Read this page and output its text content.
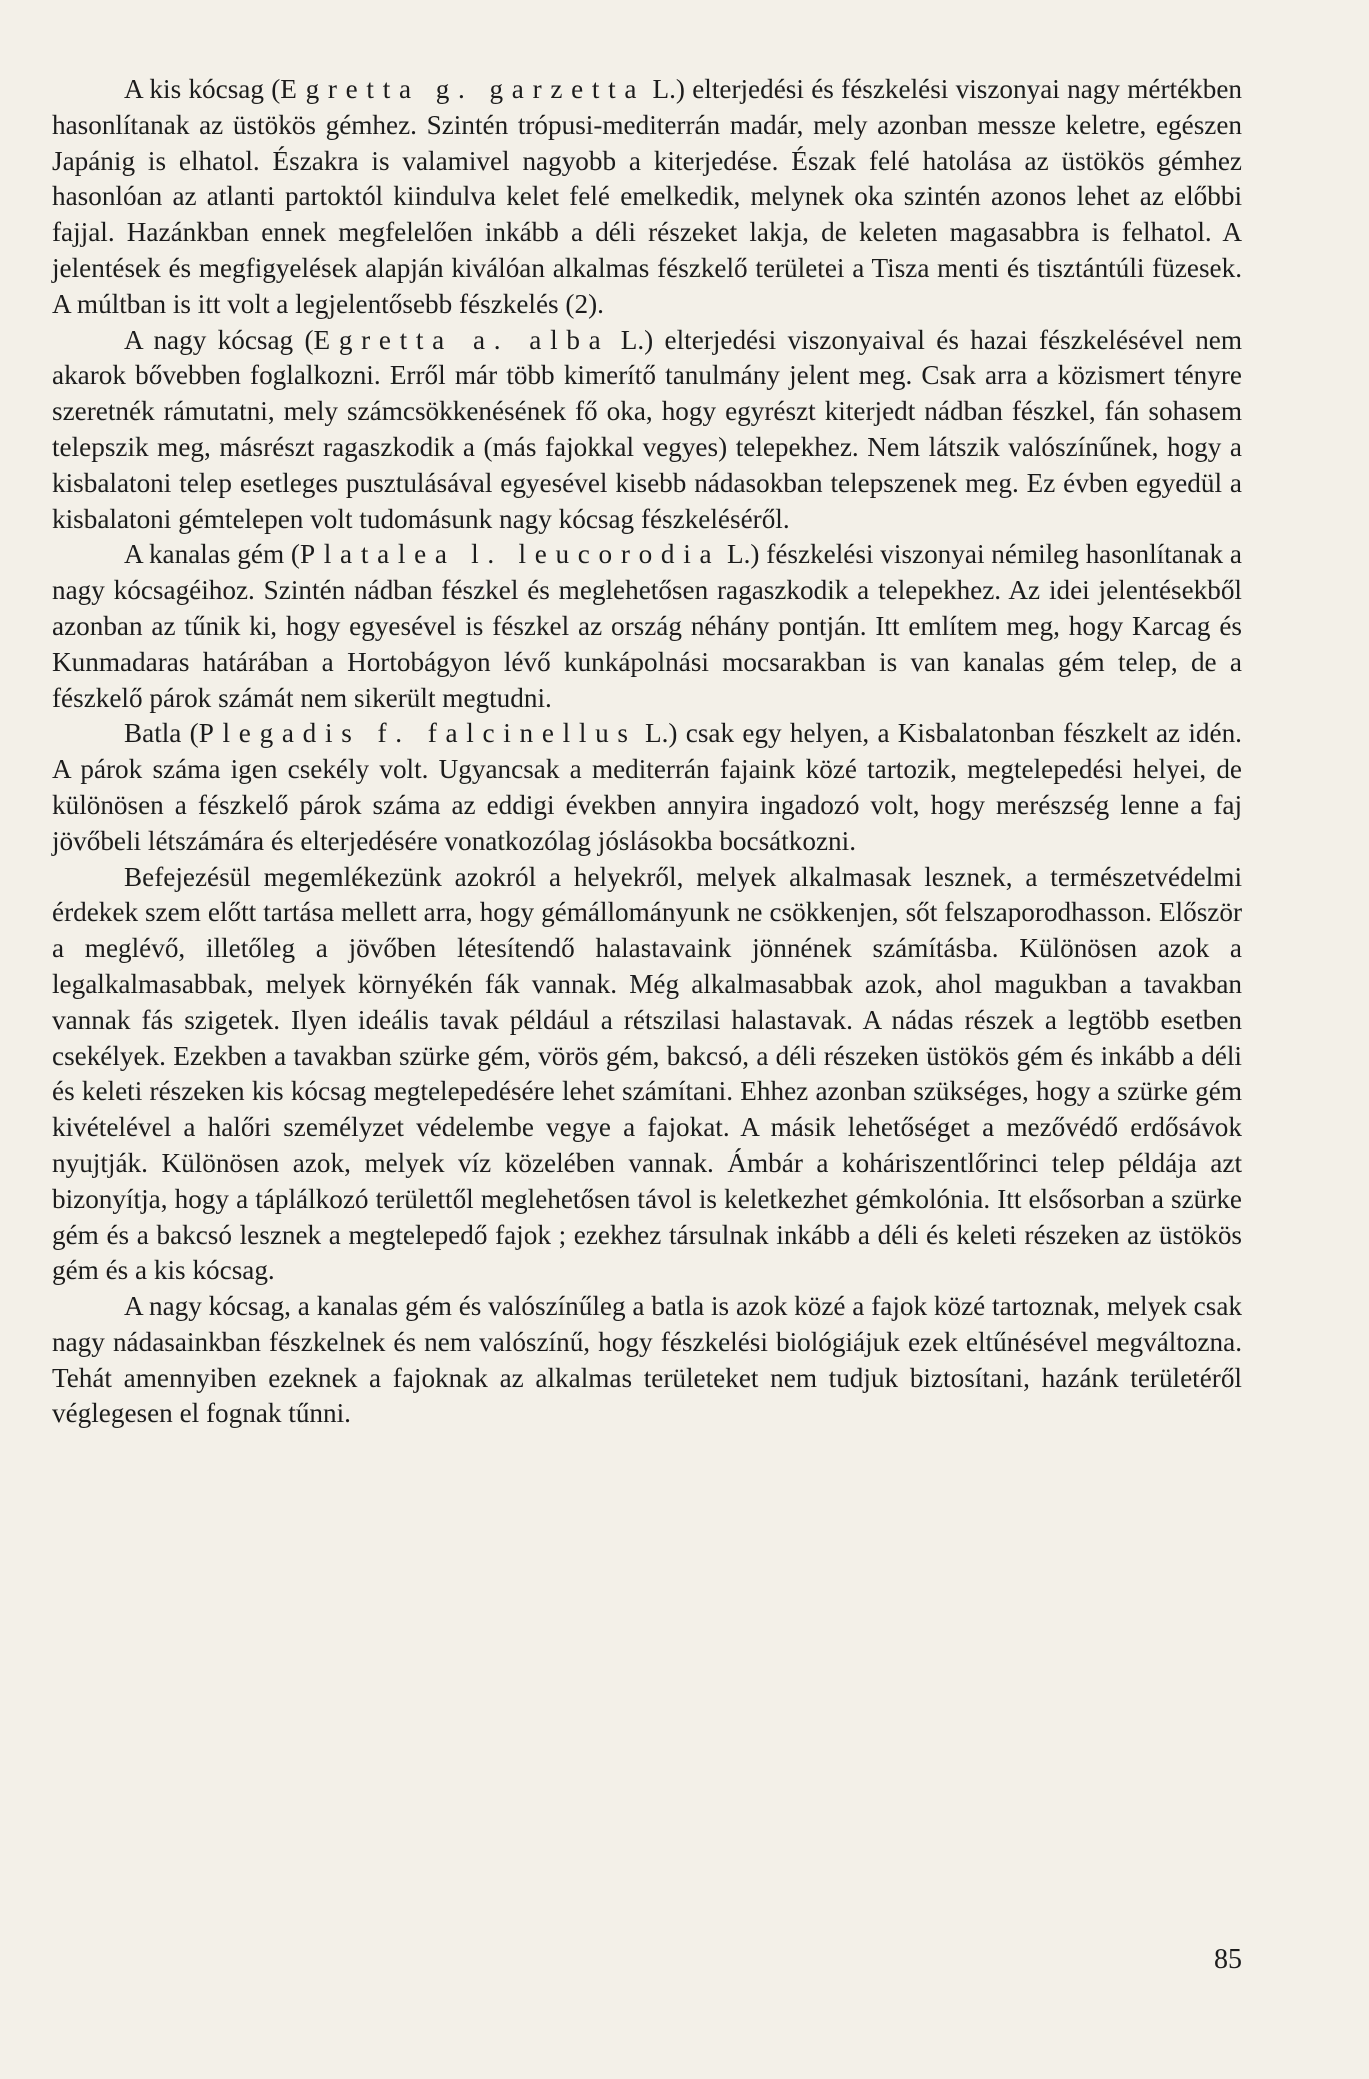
A kis kócsag (Egretta g. garzetta L.) elterjedési és fészkelési viszonyai nagy mértékben hasonlítanak az üstökös gémhez. Szintén trópusi-mediterrán madár, mely azonban messze keletre, egészen Japánig is elhatol. Északra is valamivel nagyobb a kiterjedése. Észak felé hatolása az üstökös gémhez hasonlóan az atlanti partoktól kiindulva kelet felé emelkedik, melynek oka szintén azonos lehet az előbbi fajjal. Hazánkban ennek megfelelően inkább a déli részeket lakja, de keleten magasabbra is felhatol. A jelentések és megfigyelések alapján kiválóan alkalmas fészkelő területei a Tisza menti és tisztántúli füzesek. A múltban is itt volt a legjelentősebb fészkelés (2).

A nagy kócsag (Egretta a. alba L.) elterjedési viszonyaival és hazai fészkelésével nem akarok bővebben foglalkozni. Erről már több kimerítő tanulmány jelent meg. Csak arra a közismert tényre szeretnék rámutatni, mely számcsökkenésének fő oka, hogy egyrészt kiterjedt nádban fészkel, fán sohasem telepszik meg, másrészt ragaszkodik a (más fajokkal vegyes) telepekhez. Nem látszik valószínűnek, hogy a kisbalatoni telep esetleges pusztulásával egyesével kisebb nádasokban telepszenek meg. Ez évben egyedül a kisbalatoni gémtelepen volt tudomásunk nagy kócsag fészkeléséről.

A kanalas gém (Platalea l. leucorodia L.) fészkelési viszonyai némileg hasonlítanak a nagy kócsagéihoz. Szintén nádban fészkel és meglehetősen ragaszkodik a telepekhez. Az idei jelentésekből azonban az tűnik ki, hogy egyesével is fészkel az ország néhány pontján. Itt említem meg, hogy Karcag és Kunmadaras határában a Hortobágyon lévő kunkápolnási mocsarakban is van kanalas gém telep, de a fészkelő párok számát nem sikerült megtudni.

Batla (Plegadis f. falcinellus L.) csak egy helyen, a Kisbalatonban fészkelt az idén. A párok száma igen csekély volt. Ugyancsak a mediterrán fajaink közé tartozik, megtelepedési helyei, de különösen a fészkelő párok száma az eddigi években annyira ingadozó volt, hogy merészség lenne a faj jövőbeli létszámára és elterjedésére vonatkozólag jóslásokba bocsátkozni.

Befejezésül megemlékezünk azokról a helyekről, melyek alkalmasak lesznek, a természetvédelmi érdekek szem előtt tartása mellett arra, hogy gémállományunk ne csökkenjen, sőt felszaporodhasson. Először a meglévő, illetőleg a jövőben létesítendő halastavaink jönnének számításba. Különösen azok a legalkalmasabbak, melyek környékén fák vannak. Még alkalmasabbak azok, ahol magukban a tavakban vannak fás szigetek. Ilyen ideális tavak például a rétszilasi halastavak. A nádas részek a legtöbb esetben csekélyek. Ezekben a tavakban szürke gém, vörös gém, bakcsó, a déli részeken üstökös gém és inkább a déli és keleti részeken kis kócsag megtelepedésére lehet számítani. Ehhez azonban szükséges, hogy a szürke gém kivételével a halőri személyzet védelembe vegye a fajokat. A másik lehetőséget a mezővédő erdősávok nyujtják. Különösen azok, melyek víz közelében vannak. Ámbár a koháriszentlőrinci telep példája azt bizonyítja, hogy a táplálkozó területtől meglehetősen távol is keletkezhet gémkolónia. Itt elsősorban a szürke gém és a bakcsó lesznek a megtelepedő fajok ; ezekhez társulnak inkább a déli és keleti részeken az üstökös gém és a kis kócsag.

A nagy kócsag, a kanalas gém és valószínűleg a batla is azok közé a fajok közé tartoznak, melyek csak nagy nádasainkban fészkelnek és nem valószínű, hogy fészkelési biológiájuk ezek eltűnésével megváltozna. Tehát amennyiben ezeknek a fajoknak az alkalmas területeket nem tudjuk biztosítani, hazánk területéről véglegesen el fognak tűnni.

85
